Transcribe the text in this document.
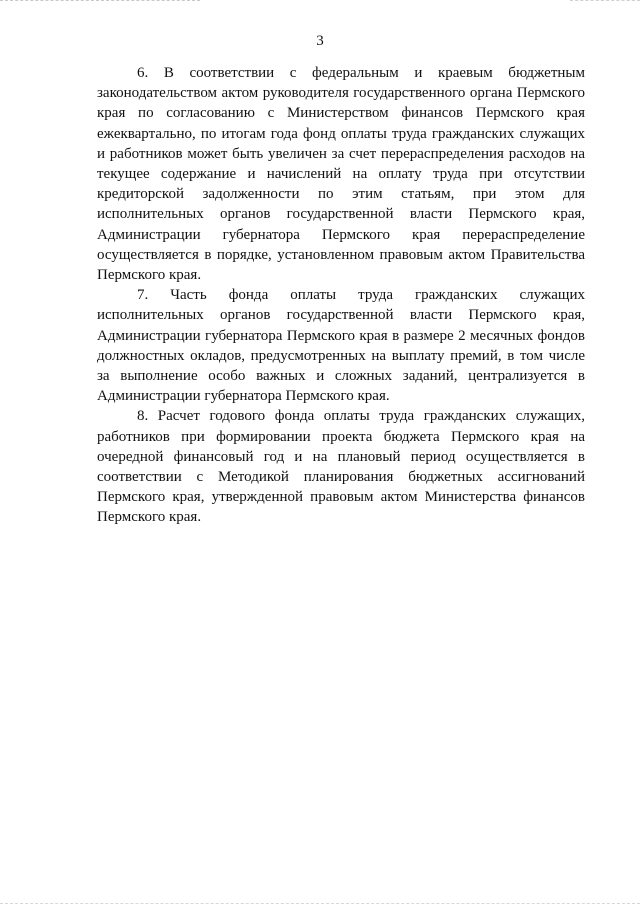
3

6. В соответствии с федеральным и краевым бюджетным законодательством актом руководителя государственного органа Пермского края по согласованию с Министерством финансов Пермского края ежеквартально, по итогам года фонд оплаты труда гражданских служащих и работников может быть увеличен за счет перераспределения расходов на текущее содержание и начислений на оплату труда при отсутствии кредиторской задолженности по этим статьям, при этом для исполнительных органов государственной власти Пермского края, Администрации губернатора Пермского края перераспределение осуществляется в порядке, установленном правовым актом Правительства Пермского края.

7. Часть фонда оплаты труда гражданских служащих исполнительных органов государственной власти Пермского края, Администрации губернатора Пермского края в размере 2 месячных фондов должностных окладов, предусмотренных на выплату премий, в том числе за выполнение особо важных и сложных заданий, централизуется в Администрации губернатора Пермского края.

8. Расчет годового фонда оплаты труда гражданских служащих, работников при формировании проекта бюджета Пермского края на очередной финансовый год и на плановый период осуществляется в соответствии с Методикой планирования бюджетных ассигнований Пермского края, утвержденной правовым актом Министерства финансов Пермского края.
